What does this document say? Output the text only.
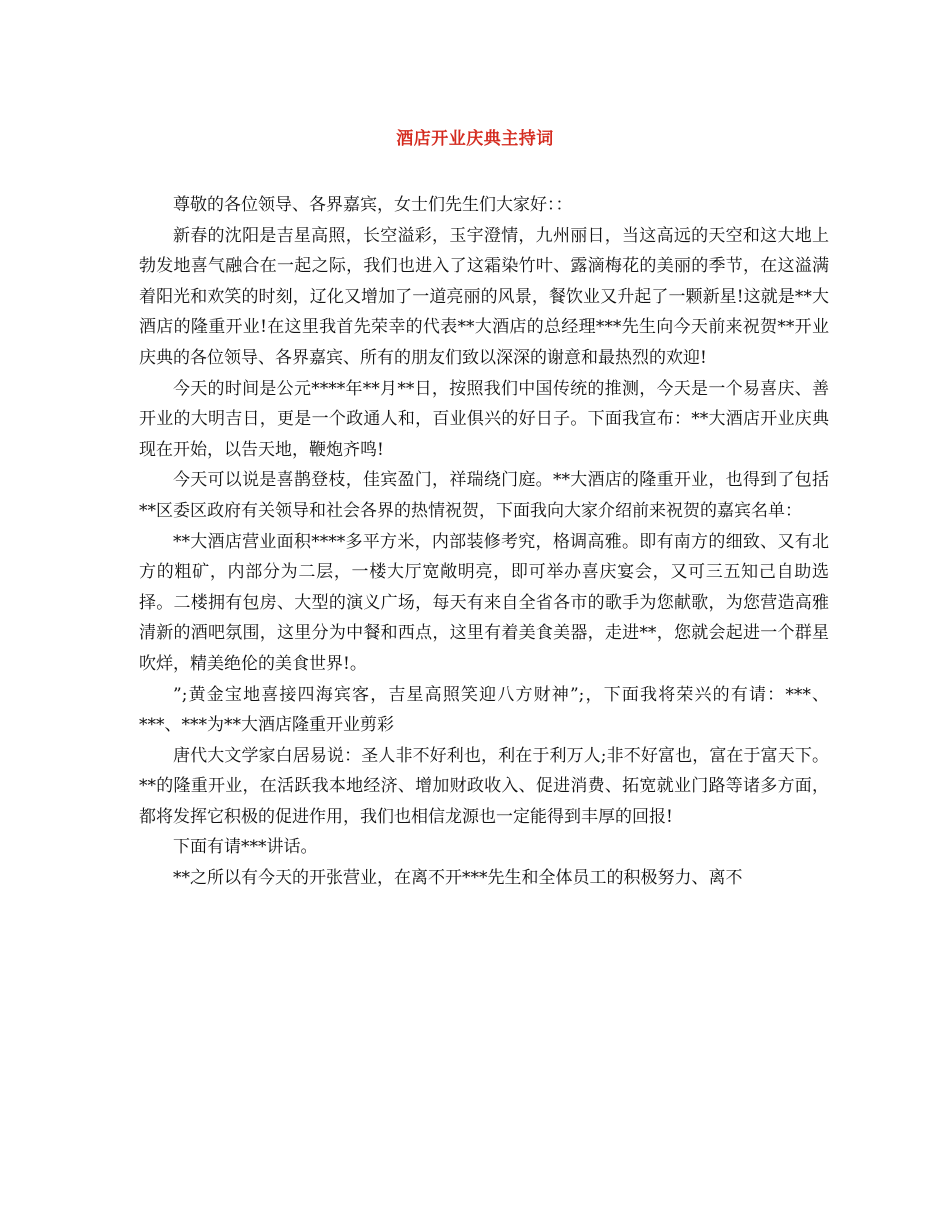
酒店开业庆典主持词

尊敬的各位领导、各界嘉宾，女士们先生们大家好：：

新春的沈阳是吉星高照，长空溢彩，玉宇澄情，九州丽日，当这高远的天空和这大地上勃发地喜气融合在一起之际，我们也进入了这霜染竹叶、露滴梅花的美丽的季节，在这溢满着阳光和欢笑的时刻，辽化又增加了一道亮丽的风景，餐饮业又升起了一颗新星!这就是**大酒店的隆重开业!在这里我首先荣幸的代表**大酒店的总经理***先生向今天前来祝贺**开业庆典的各位领导、各界嘉宾、所有的朋友们致以深深的谢意和最热烈的欢迎!

今天的时间是公元****年**月**日，按照我们中国传统的推测，今天是一个易喜庆、善开业的大明吉日，更是一个政通人和，百业俱兴的好日子。下面我宣布：**大酒店开业庆典现在开始，以告天地，鞭炮齐鸣!

今天可以说是喜鹊登枝，佳宾盈门，祥瑞绕门庭。**大酒店的隆重开业，也得到了包括**区委区政府有关领导和社会各界的热情祝贺，下面我向大家介绍前来祝贺的嘉宾名单：

**大酒店营业面积****多平方米，内部装修考究，格调高雅。即有南方的细致、又有北方的粗矿，内部分为二层，一楼大厅宽敞明亮，即可举办喜庆宴会，又可三五知己自助选择。二楼拥有包房、大型的演义广场，每天有来自全省各市的歌手为您献歌，为您营造高雅清新的酒吧氛围，这里分为中餐和西点，这里有着美食美器，走进**，您就会起进一个群星吹烊，精美绝伦的美食世界!。

”;黄金宝地喜接四海宾客，吉星高照笑迎八方财神”;，下面我将荣兴的有请：***、***、***为**大酒店隆重开业剪彩

唐代大文学家白居易说：圣人非不好利也，利在于利万人;非不好富也，富在于富天下。**的隆重开业，在活跃我本地经济、增加财政收入、促进消费、拓宽就业门路等诸多方面，都将发挥它积极的促进作用，我们也相信龙源也一定能得到丰厚的回报!

下面有请***讲话。

**之所以有今天的开张营业，在离不开***先生和全体员工的积极努力、离不
